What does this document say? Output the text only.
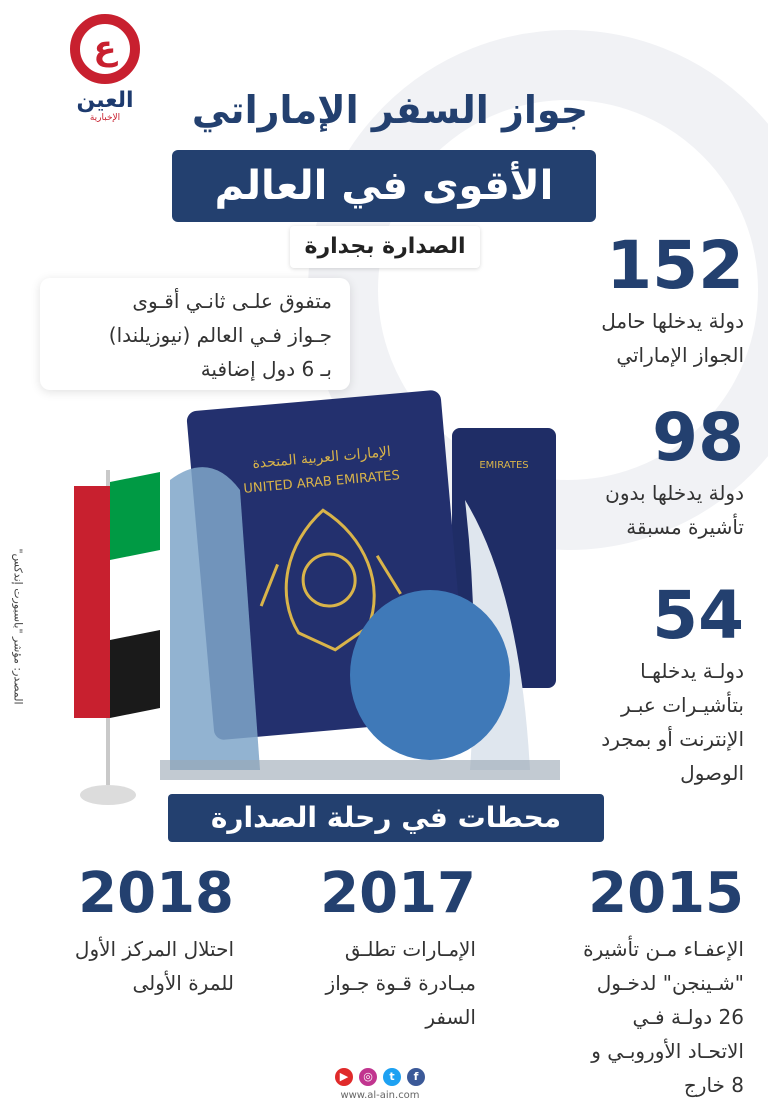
ع
العين
الإخبارية	جواز السفر الإماراتي
الأقوى في العالم
الصدارة بجدارة
متفوق علـى ثانـي أقـوى
جـواز فـي العالم (نيوزيلندا)
بـ 6 دول إضافية
152
دولة يدخلها حامل
الجواز الإماراتي
98
دولة يدخلها بدون
تأشيرة مسبقة
54
دولـة يدخلهـا
بتأشيـرات عبـر
الإنترنت أو بمجرد
الوصول
المصدر: مؤشر "باسبورت إندكس"
EMIRATES
الإمارات العربية المتحدة
UNITED ARAB EMIRATES
محطات في رحلة الصدارة
2015
الإعفـاء مـن تأشيرة
"شـينجن" لدخـول
26 دولـة فـي
الاتحـاد الأوروبـي و
8 خارج
2017
الإمـارات تطلـق
مبـادرة قـوة جـواز
السفر
2018
احتلال المركز الأول
للمرة الأولى
▶	◎	t	f
www.al-ain.com
